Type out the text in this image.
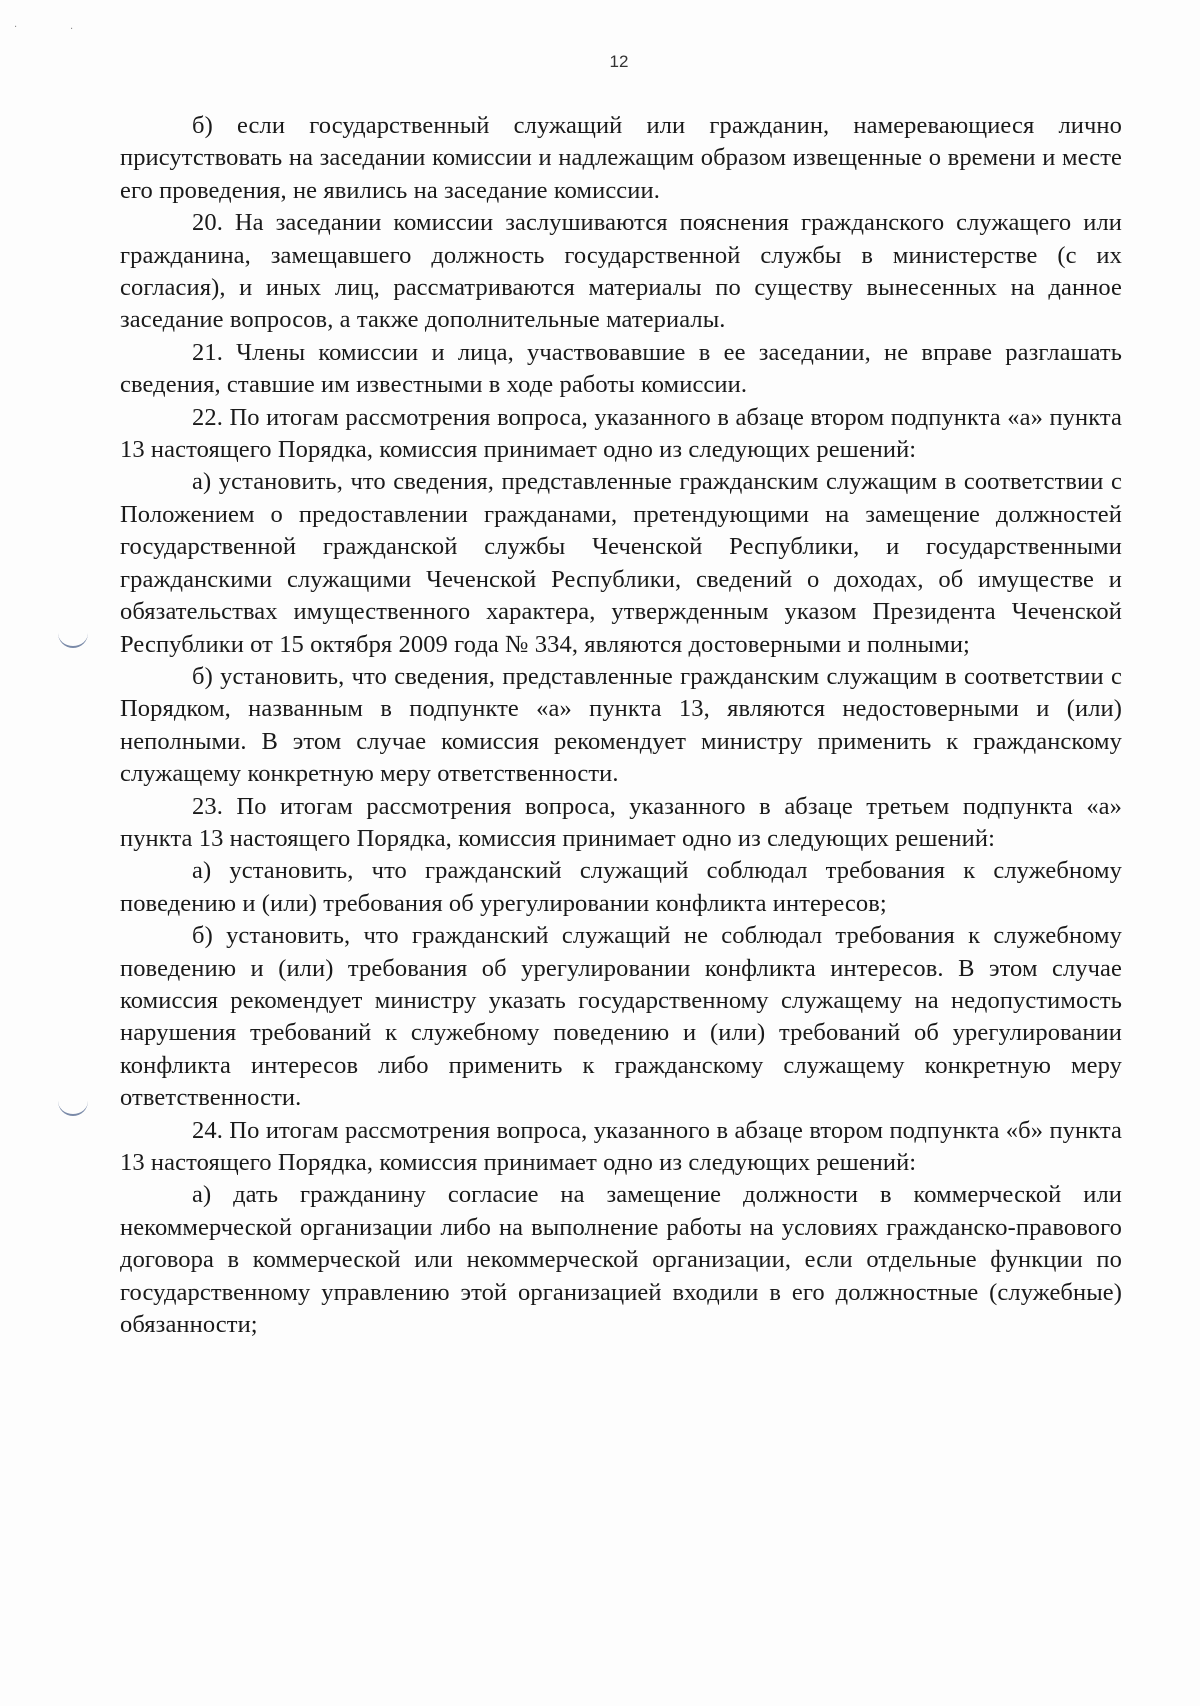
·	·
12

б) если государственный служащий или гражданин, намеревающиеся лично присутствовать на заседании комиссии и надлежащим образом извещенные о времени и месте его проведения, не явились на заседание комиссии.

20. На заседании комиссии заслушиваются пояснения гражданского служащего или гражданина, замещавшего должность государственной службы в министерстве (с их согласия), и иных лиц, рассматриваются материалы по существу вынесенных на данное заседание вопросов, а также дополнительные материалы.

21. Члены комиссии и лица, участвовавшие в ее заседании, не вправе разглашать сведения, ставшие им известными в ходе работы комиссии.

22. По итогам рассмотрения вопроса, указанного в абзаце втором подпункта «а» пункта 13 настоящего Порядка, комиссия принимает одно из следующих решений:

а) установить, что сведения, представленные гражданским служащим в соответствии с Положением о предоставлении гражданами, претендующими на замещение должностей государственной гражданской службы Чеченской Республики, и государственными гражданскими служащими Чеченской Республики, сведений о доходах, об имуществе и обязательствах имущественного характера, утвержденным указом Президента Чеченской Республики от 15 октября 2009 года № 334, являются достоверными и полными;

б) установить, что сведения, представленные гражданским служащим в соответствии с Порядком, названным в подпункте «а» пункта 13, являются недостоверными и (или) неполными. В этом случае комиссия рекомендует министру применить к гражданскому служащему конкретную меру ответственности.

23. По итогам рассмотрения вопроса, указанного в абзаце третьем подпункта «а» пункта 13 настоящего Порядка, комиссия принимает одно из следующих решений:

а) установить, что гражданский служащий соблюдал требования к служебному поведению и (или) требования об урегулировании конфликта интересов;

б) установить, что гражданский служащий не соблюдал требования к служебному поведению и (или) требования об урегулировании конфликта интересов. В этом случае комиссия рекомендует министру указать государственному служащему на недопустимость нарушения требований к служебному поведению и (или) требований об урегулировании конфликта интересов либо применить к гражданскому служащему конкретную меру ответственности.

24. По итогам рассмотрения вопроса, указанного в абзаце втором подпункта «б» пункта 13 настоящего Порядка, комиссия принимает одно из следующих решений:

а) дать гражданину согласие на замещение должности в коммерческой или некоммерческой организации либо на выполнение работы на условиях гражданско-правового договора в коммерческой или некоммерческой организации, если отдельные функции по государственному управлению этой организацией входили в его должностные (служебные) обязанности;
